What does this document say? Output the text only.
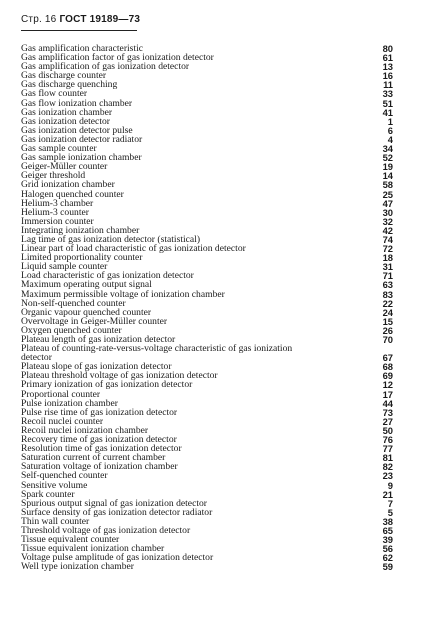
Стр. 16 ГОСТ 19189—73
Gas amplification characteristic	80
Gas amplification factor of gas ionization detector	61
Gas amplification of gas ionization detector	13
Gas discharge counter	16
Gas discharge quenching	11
Gas flow counter	33
Gas flow ionization chamber	51
Gas ionization chamber	41
Gas ionization detector	1
Gas ionization detector pulse	6
Gas ionization detector radiator	4
Gas sample counter	34
Gas sample ionization chamber	52
Geiger-Müller counter	19
Geiger threshold	14
Grid ionization chamber	58
Halogen quenched counter	25
Helium-3 chamber	47
Helium-3 counter	30
Immersion counter	32
Integrating ionization chamber	42
Lag time of gas ionization detector (statistical)	74
Linear part of load characteristic of gas ionization detector	72
Limited proportionality counter	18
Liquid sample counter	31
Load characteristic of gas ionization detector	71
Maximum operating output signal	63
Maximum permissible voltage of ionization chamber	83
Non-self-quenched counter	22
Organic vapour quenched counter	24
Overvoltage in Geiger-Müller counter	15
Oxygen quenched counter	26
Plateau length of gas ionization detector	70
Plateau of counting-rate-versus-voltage characteristic of gas ionization
detector	67
Plateau slope of gas ionization detector	68
Plateau threshold voltage of gas ionization detector	69
Primary ionization of gas ionization detector	12
Proportional counter	17
Pulse ionization chamber	44
Pulse rise time of gas ionization detector	73
Recoil nuclei counter	27
Recoil nuclei ionization chamber	50
Recovery time of gas ionization detector	76
Resolution time of gas ionization detector	77
Saturation current of current chamber	81
Saturation voltage of ionization chamber	82
Self-quenched counter	23
Sensitive volume	9
Spark counter	21
Spurious output signal of gas ionization detector	7
Surface density of gas ionization detector radiator	5
Thin wall counter	38
Threshold voltage of gas ionization detector	65
Tissue equivalent counter	39
Tissue equivalent ionization chamber	56
Voltage pulse amplitude of gas ionization detector	62
Well type ionization chamber	59
